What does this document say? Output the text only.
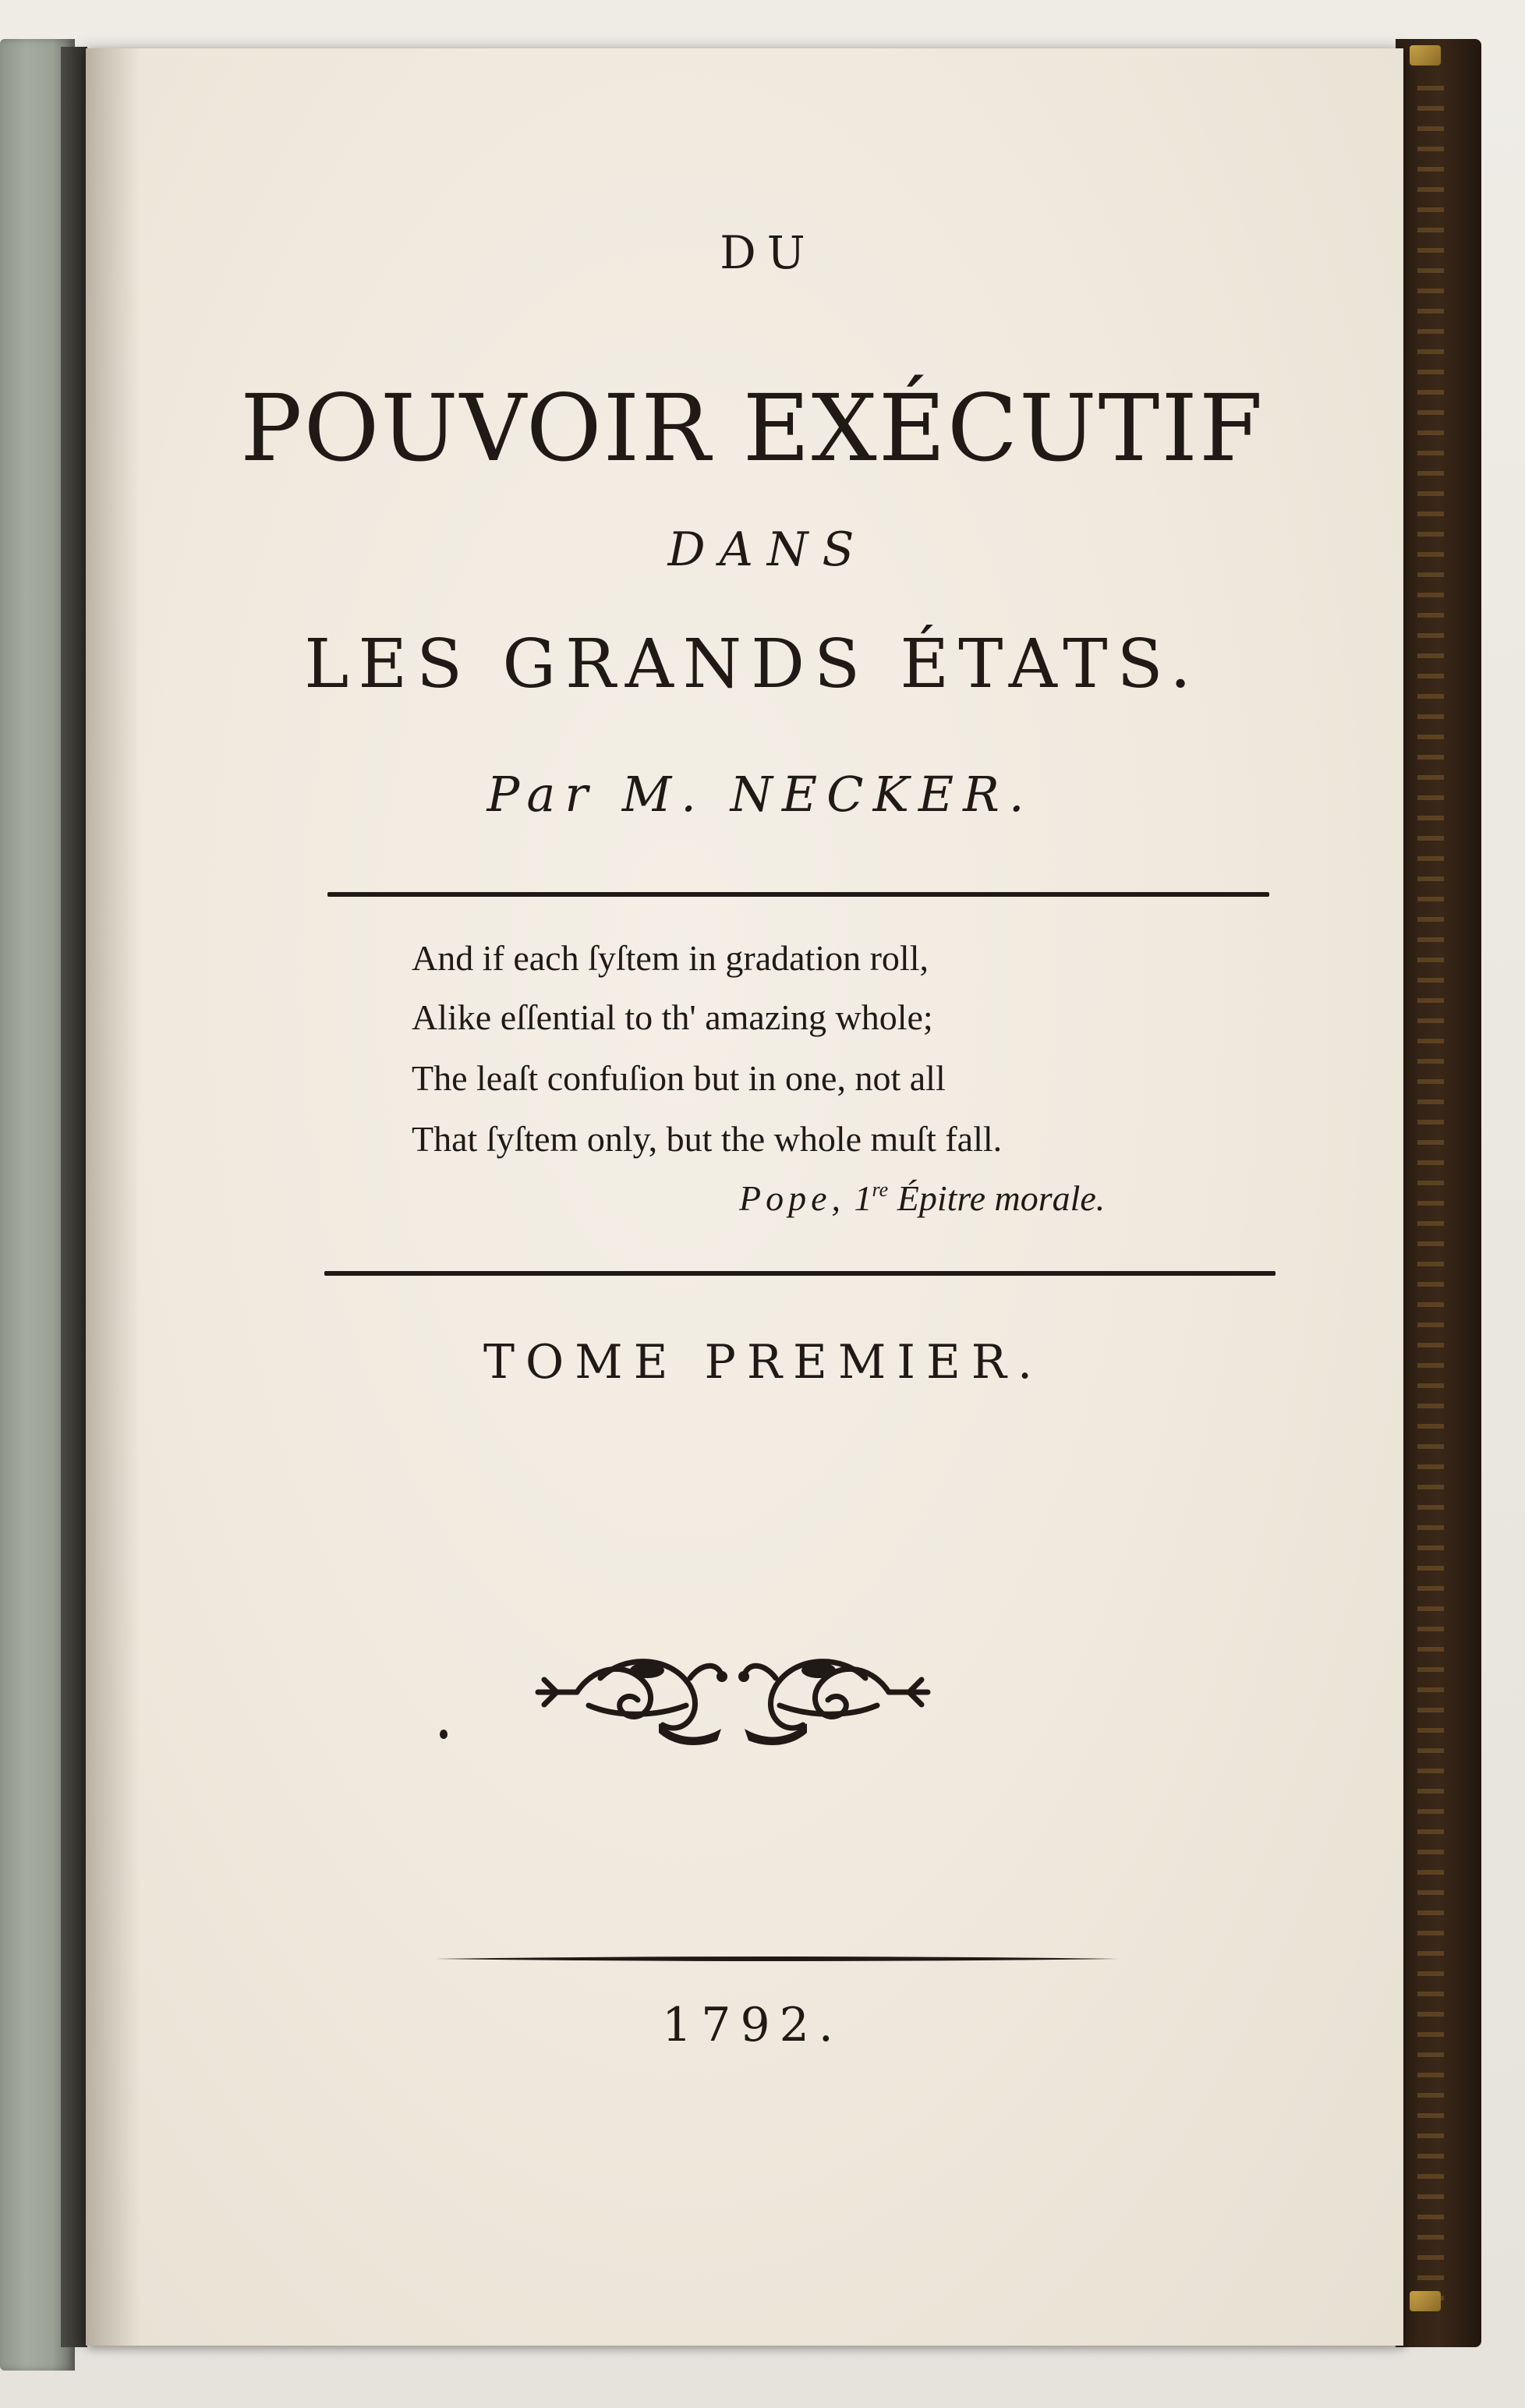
DU
POUVOIR EXÉCUTIF
DANS
LES GRANDS ÉTATS.
Par M. NECKER.
And if each ſyſtem in gradation roll,
Alike eſſential to th' amazing whole;
The leaſt confuſion but in one, not all
That ſyſtem only, but the whole muſt fall.
Pope, 1re Épitre morale.
TOME PREMIER.
1792.
